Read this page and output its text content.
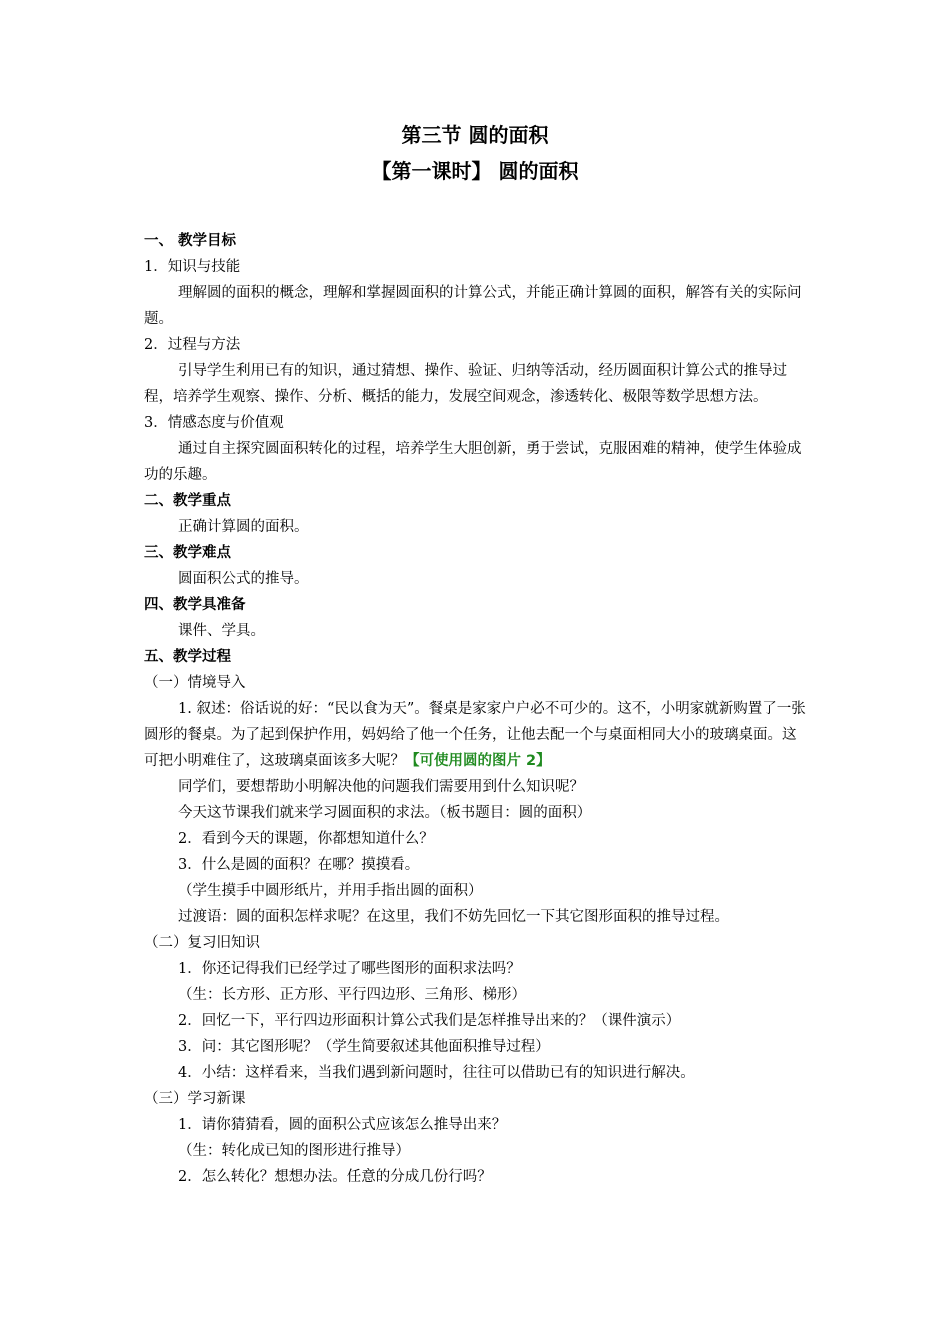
第三节 圆的面积
【第一课时】 圆的面积

一、 教学目标

1．知识与技能

理解圆的面积的概念，理解和掌握圆面积的计算公式，并能正确计算圆的面积，解答有关的实际问题。

2．过程与方法

引导学生利用已有的知识，通过猜想、操作、验证、归纳等活动，经历圆面积计算公式的推导过程，培养学生观察、操作、分析、概括的能力，发展空间观念，渗透转化、极限等数学思想方法。

3．情感态度与价值观

通过自主探究圆面积转化的过程，培养学生大胆创新，勇于尝试，克服困难的精神，使学生体验成功的乐趣。

二、教学重点

正确计算圆的面积。

三、教学难点

圆面积公式的推导。

四、教学具准备

课件、学具。

五、教学过程

（一）情境导入

1. 叙述：俗话说的好：“民以食为天”。餐桌是家家户户必不可少的。这不，小明家就新购置了一张圆形的餐桌。为了起到保护作用，妈妈给了他一个任务，让他去配一个与桌面相同大小的玻璃桌面。这可把小明难住了，这玻璃桌面该多大呢？【可使用圆的图片 2】

同学们，要想帮助小明解决他的问题我们需要用到什么知识呢？

今天这节课我们就来学习圆面积的求法。（板书题目：圆的面积）

2．看到今天的课题，你都想知道什么？

3．什么是圆的面积？在哪？摸摸看。

（学生摸手中圆形纸片，并用手指出圆的面积）

过渡语：圆的面积怎样求呢？在这里，我们不妨先回忆一下其它图形面积的推导过程。

（二）复习旧知识

1．你还记得我们已经学过了哪些图形的面积求法吗？

（生：长方形、正方形、平行四边形、三角形、梯形）

2．回忆一下，平行四边形面积计算公式我们是怎样推导出来的？（课件演示）

3．问：其它图形呢？（学生简要叙述其他面积推导过程）

4．小结：这样看来，当我们遇到新问题时，往往可以借助已有的知识进行解决。

（三）学习新课

1．请你猜猜看，圆的面积公式应该怎么推导出来？

（生：转化成已知的图形进行推导）

2．怎么转化？想想办法。任意的分成几份行吗？
